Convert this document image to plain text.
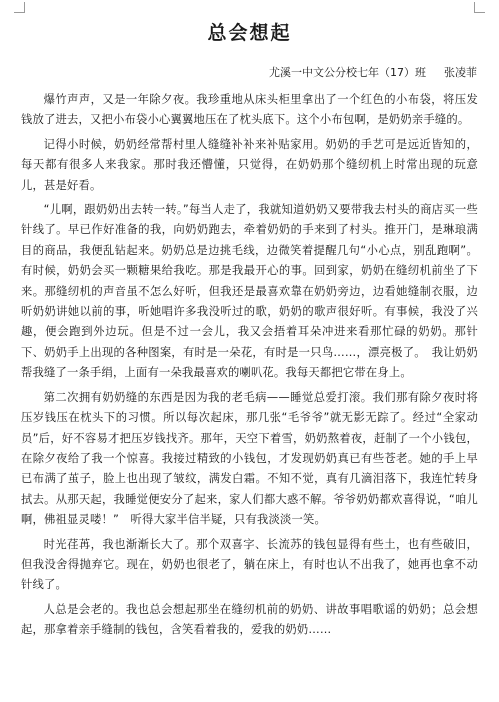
总会想起
尤溪一中文公分校七年（17）班 张凌菲

爆竹声声，又是一年除夕夜。我珍重地从床头柜里拿出了一个红色的小布袋，将压发钱放了进去，又把小布袋小心翼翼地压在了枕头底下。这个小布包啊，是奶奶亲手缝的。

记得小时候，奶奶经常帮村里人缝缝补补来补贴家用。奶奶的手艺可是远近皆知的，每天都有很多人来我家。那时我还懵懂，只觉得，在奶奶那个缝纫机上时常出现的玩意儿，甚是好看。

“儿啊，跟奶奶出去转一转。”每当人走了，我就知道奶奶又要带我去村头的商店买一些针线了。早已作好准备的我，向奶奶跑去，牵着奶奶的手来到了村头。推开门，是琳琅满目的商品，我便乱钻起来。奶奶总是边挑毛线，边微笑着提醒几句“小心点，别乱跑啊”。有时候，奶奶会买一颗糖果给我吃。那是我最开心的事。回到家，奶奶在缝纫机前坐了下来。那缝纫机的声音虽不怎么好听，但我还是最喜欢靠在奶奶旁边，边看她缝制衣服，边听奶奶讲她以前的事，听她唱许多我没听过的歌，奶奶的歌声很好听。有事候，我没了兴趣，便会跑到外边玩。但是不过一会儿，我又会捂着耳朵冲进来看那忙碌的奶奶。那针下、奶奶手上出现的各种图案，有时是一朵花，有时是一只鸟……，漂亮极了。　我让奶奶帮我缝了一条手绢，上面有一朵我最喜欢的喇叭花。我每天都把它带在身上。

第二次拥有奶奶缝的东西是因为我的老毛病——睡觉总爱打滚。我们那有除夕夜时将压岁钱压在枕头下的习惯。所以每次起床，那几张“毛爷爷”就无影无踪了。经过“全家动员”后，好不容易才把压岁钱找齐。那年，天空下着雪，奶奶熬着夜，赶制了一个小钱包，在除夕夜给了我一个惊喜。我接过精致的小钱包，才发现奶奶真已有些苍老。她的手上早已布满了茧子，脸上也出现了皱纹，满发白霜。不知不觉，真有几滴泪落下，我连忙转身拭去。从那天起，我睡觉便安分了起来，家人们都大惑不解。爷爷奶奶都欢喜得说，“咱儿啊，佛祖显灵喽！”　听得大家半信半疑，只有我淡淡一笑。

时光荏苒，我也渐渐长大了。那个双喜字、长流苏的钱包显得有些土，也有些破旧，但我没舍得抛弃它。现在，奶奶也很老了，躺在床上，有时也认不出我了，她再也拿不动针线了。

人总是会老的。我也总会想起那坐在缝纫机前的奶奶、讲故事唱歌谣的奶奶；总会想起，那拿着亲手缝制的钱包，含笑看着我的，爱我的奶奶……
